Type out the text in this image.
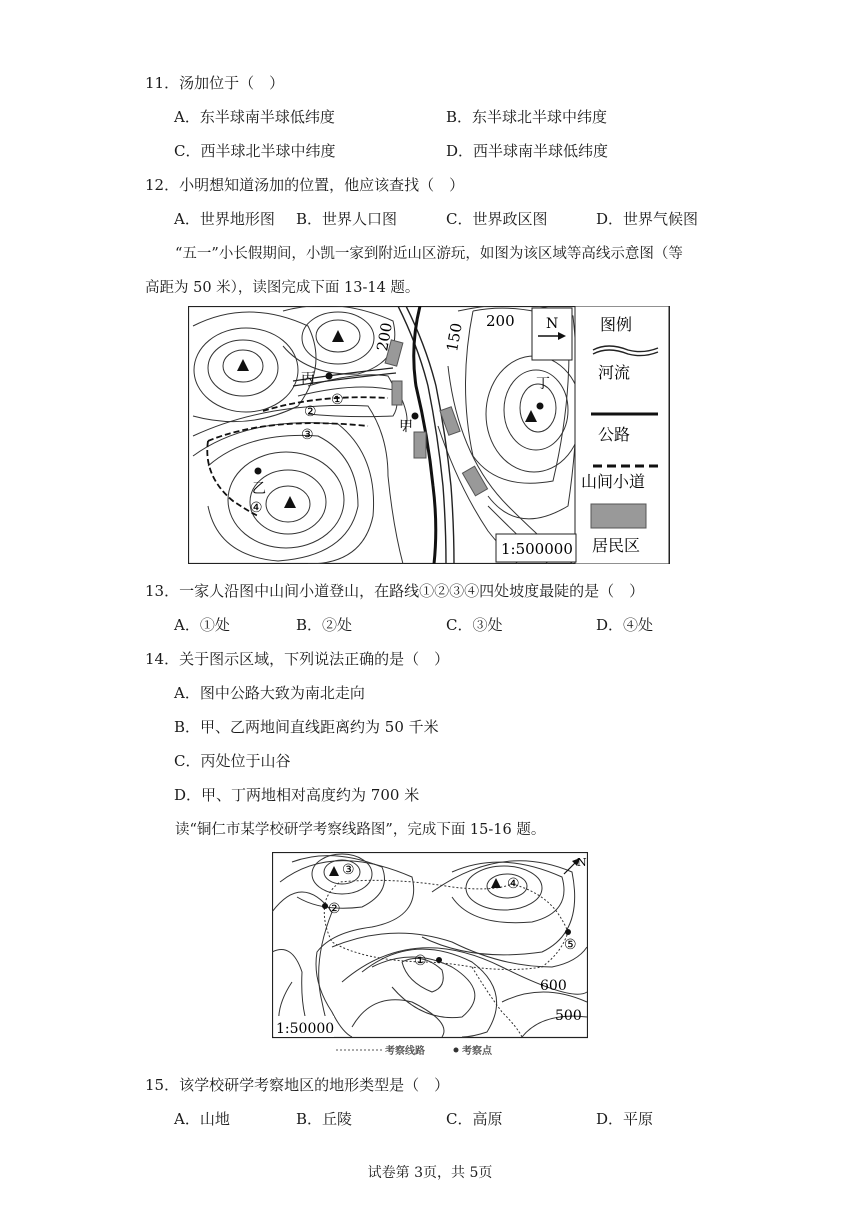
11．汤加位于（　）
A．东半球南半球低纬度	B．东半球北半球中纬度
C．西半球北半球中纬度	D．西半球南半球低纬度
12．小明想知道汤加的位置，他应该查找（　）
A．世界地形图 B．世界人口图	C．世界政区图	D．世界气候图
“五一”小长假期间，小凯一家到附近山区游玩，如图为该区域等高线示意图（等
高距为 50 米），读图完成下面 13-14 题。
200	150
200
丙
甲
乙
丁
①
②
③
④
N	图例
河流
公路
山间小道
居民区
1:500000
13．一家人沿图中山间小道登山，在路线①②③④四处坡度最陡的是（　）
A．①处	B．②处	C．③处	D．④处
14．关于图示区域，下列说法正确的是（　）
A．图中公路大致为南北走向
B．甲、乙两地间直线距离约为 50 千米
C．丙处位于山谷
D．甲、丁两地相对高度约为 700 米
读“铜仁市某学校研学考察线路图”，完成下面 15-16 题。
①
②
③
④
⑤
N
600
500
1:50000
考察线路	考察点
15．该学校研学考察地区的地形类型是（　）
A．山地	B．丘陵	C．高原	D．平原
试卷第 3页，共 5页
